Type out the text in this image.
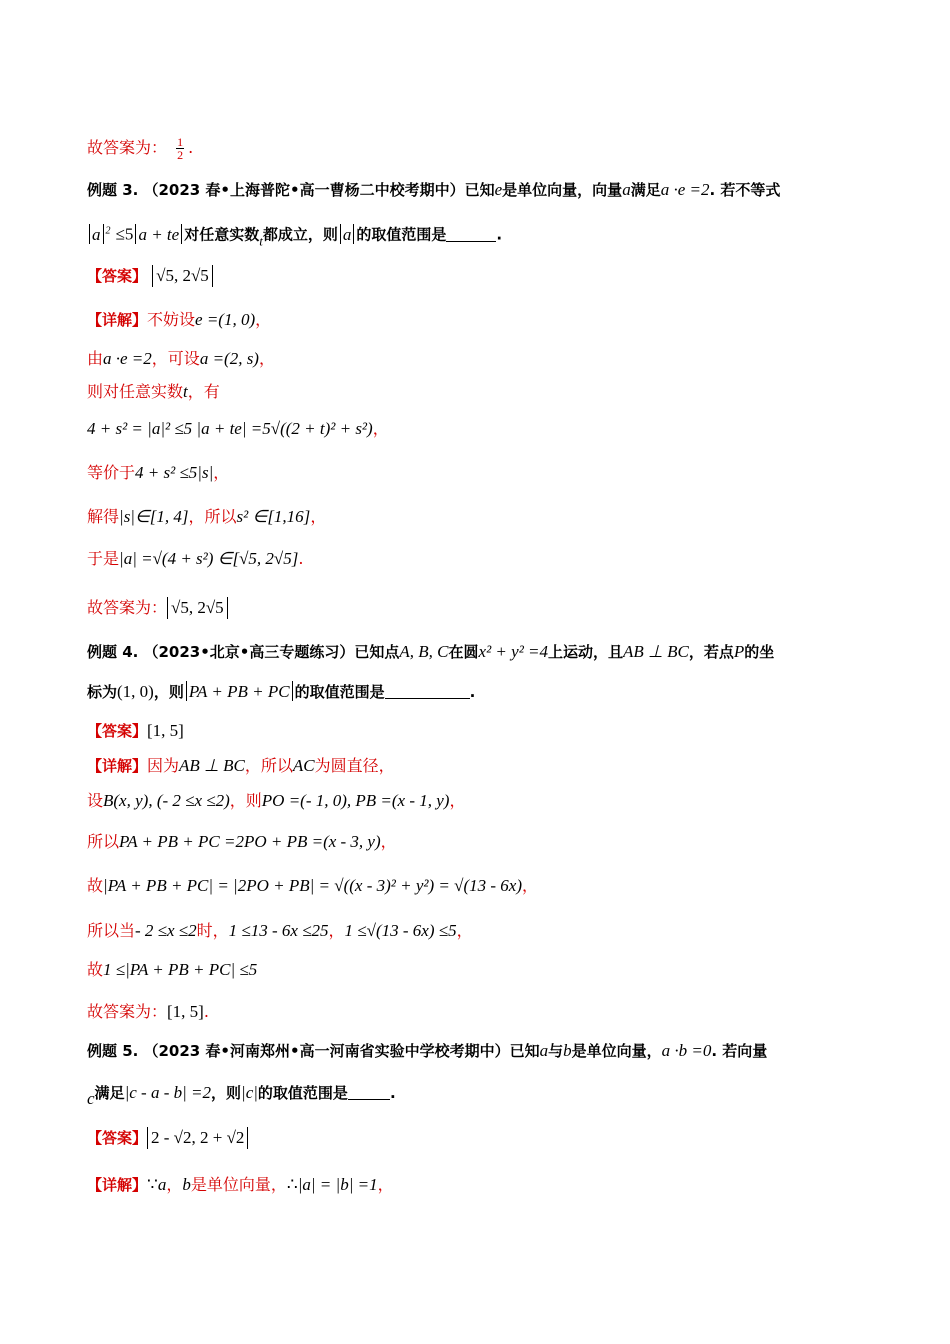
故答案为： $\frac{1}{2}$ .
例题 3. （2023 春•上海普陀•高一曹杨二中校考期中）已知e是单位向量，向量a满足a ·e =2. 若不等式
a $^2$ ≤5 a + te 对任意实数$_t$都成立，则 a 的取值范围是	.
【答案】 √5, 2√5
【详解】不妨设e =(1, 0)，
由a ·e =2，可设a =(2, s)，
则对任意实数t，有
4 + s² = |a|² ≤5 |a + te| =5√((2 + t)² + s²)，
等价于4 + s² ≤5|s|，
解得|s|∈[1, 4]，所以s² ∈[1,16]，
于是|a| =√(4 + s²) ∈[√5, 2√5].
故答案为： √5, 2√5
例题 4. （2023•北京•高三专题练习）已知点A, B, C在圆x² + y² =4上运动，且AB ⊥ BC，若点P的坐
标为(1, 0)，则 PA + PB + PC 的取值范围是	.
【答案】[1, 5]
【详解】因为AB ⊥ BC，所以AC为圆直径，
设B(x, y), (- 2 ≤x ≤2)，则PO =(- 1, 0), PB =(x - 1, y)，
所以PA + PB + PC =2PO + PB =(x - 3, y)，
故|PA + PB + PC| = |2PO + PB| = √((x - 3)² + y²) = √(13 - 6x)，
所以当- 2 ≤x ≤2时，1 ≤13 - 6x ≤25，1 ≤√(13 - 6x) ≤5，
故1 ≤|PA + PB + PC| ≤5
故答案为：[1, 5].
例题 5. （2023 春•河南郑州•高一河南省实验中学校考期中）已知a与b是单位向量，a ·b =0. 若向量
c满足|c - a - b| =2，则|c|的取值范围是	.
【答案】 2 - √2, 2 + √2
【详解】∵a，b是单位向量，∴|a| = |b| =1，
